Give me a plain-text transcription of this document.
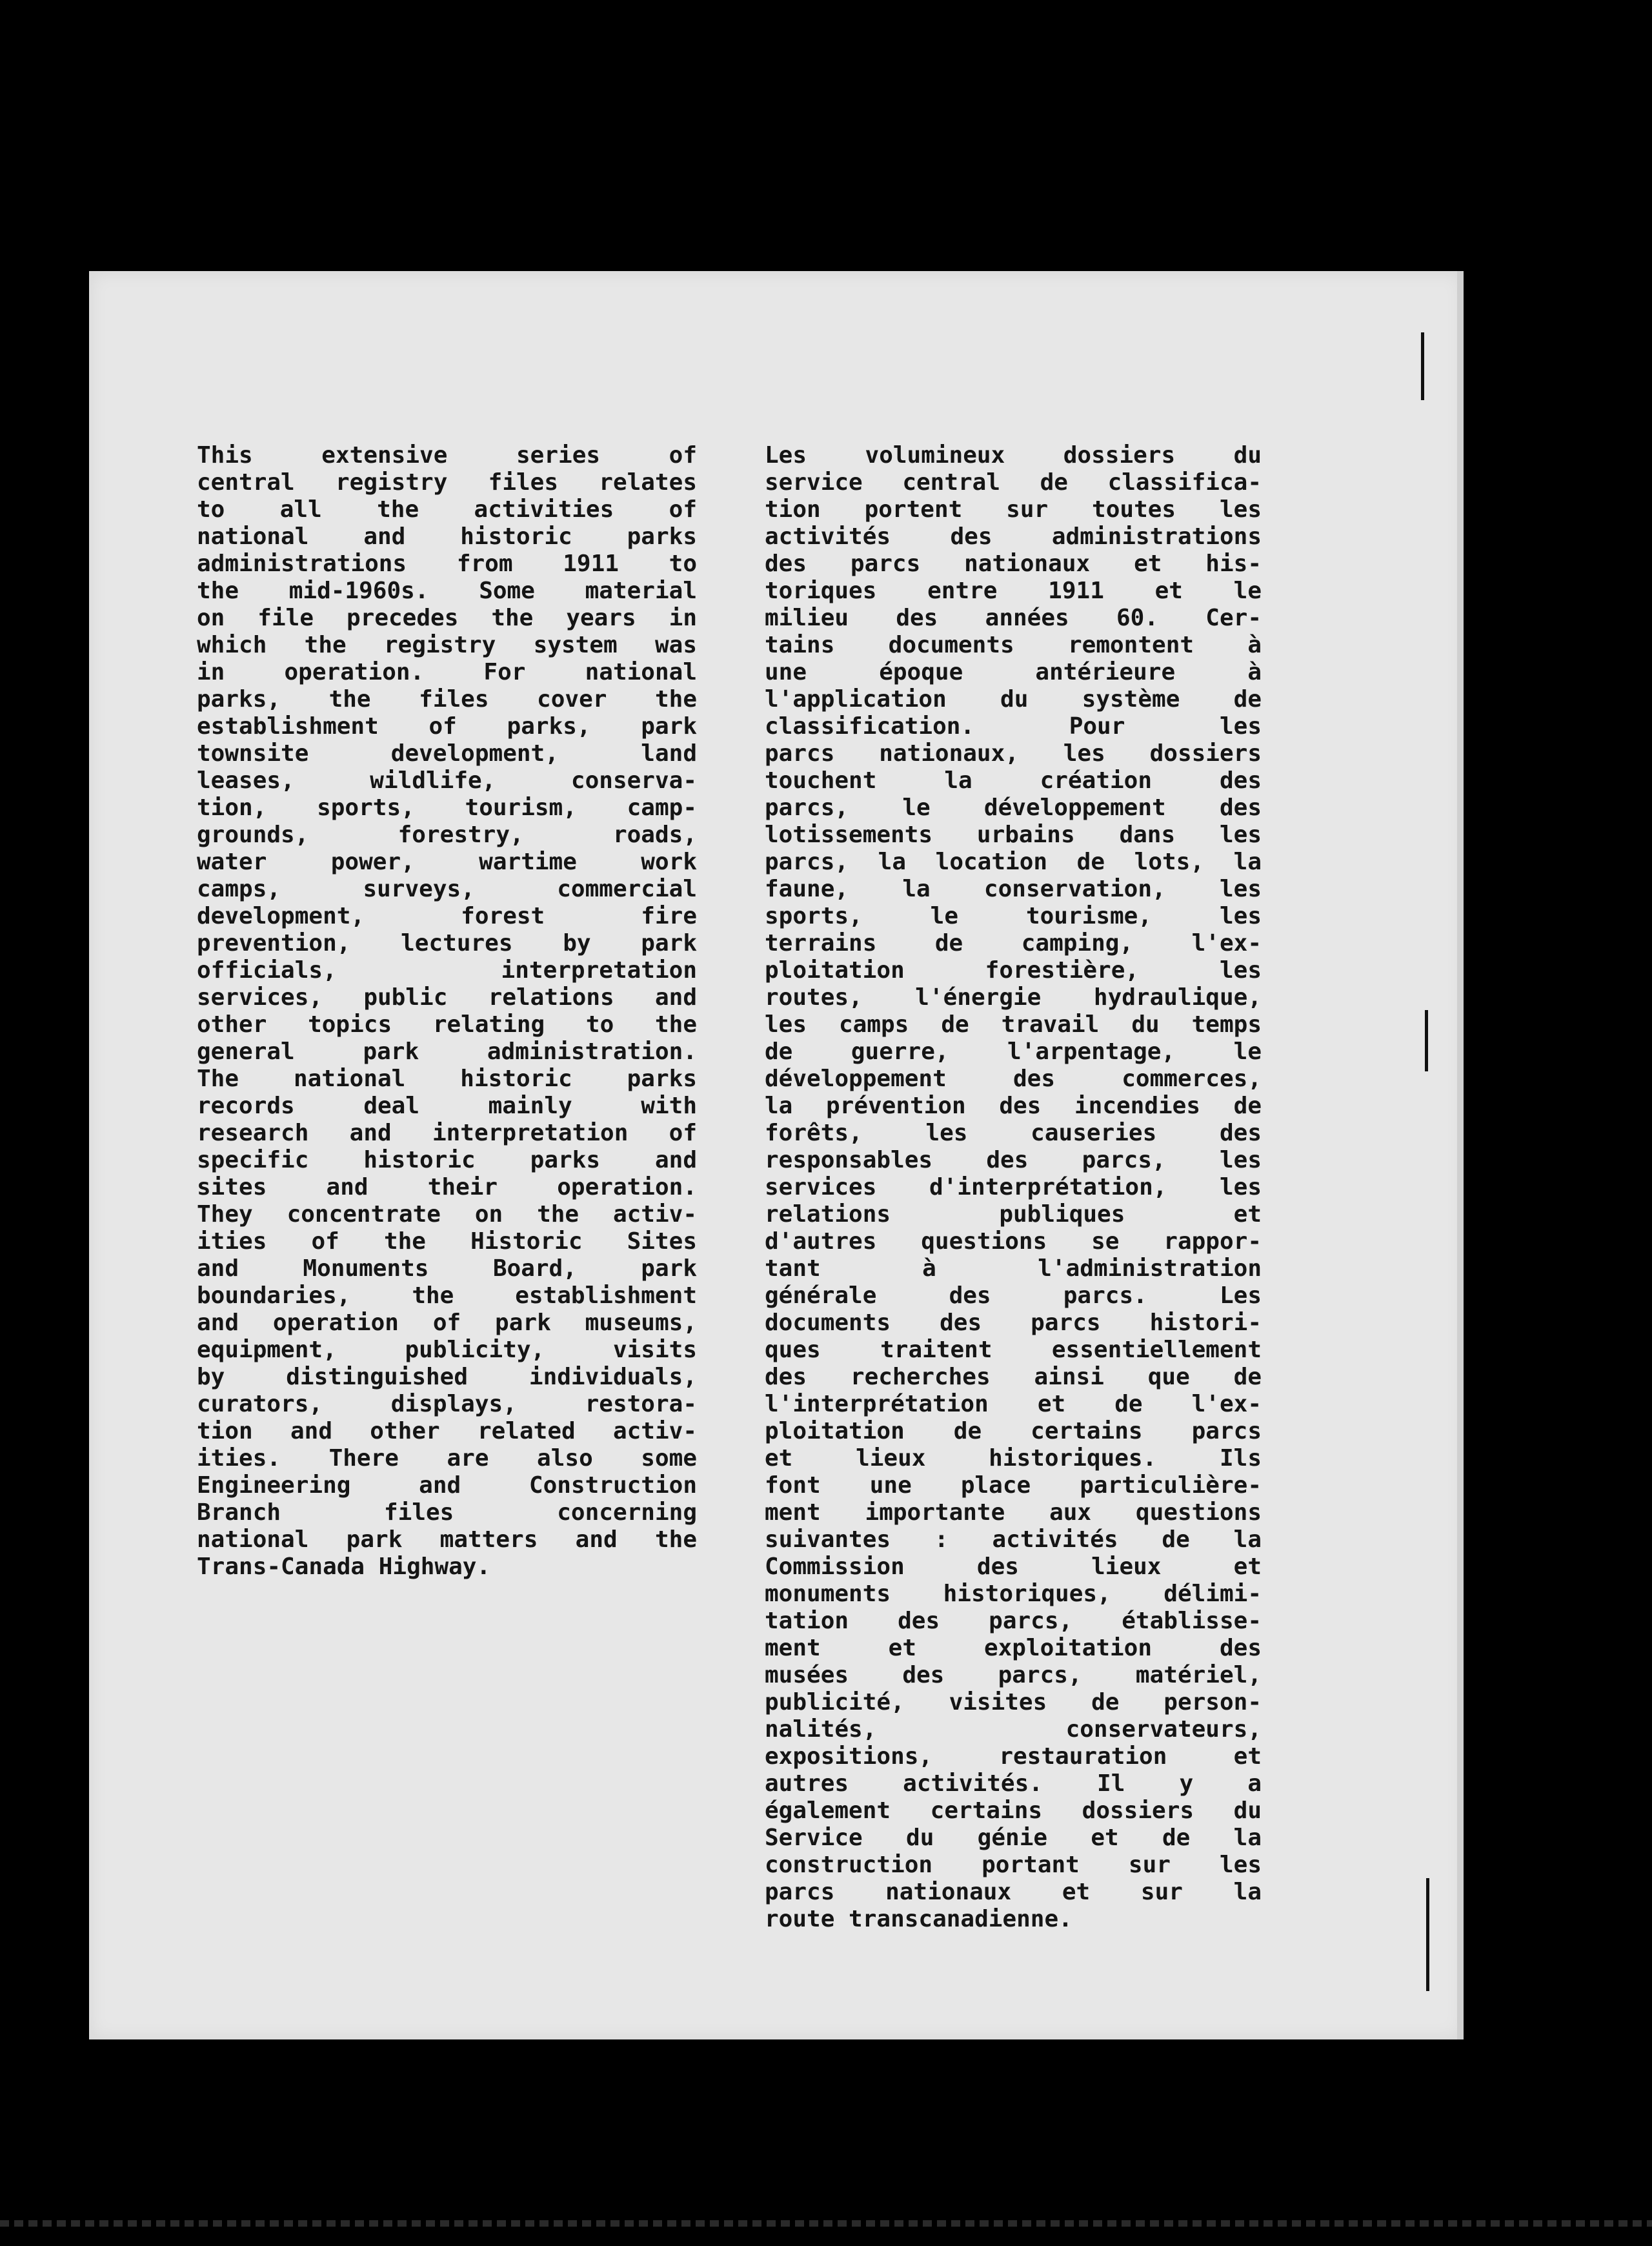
This extensive series of
central registry files relates
to all the activities of
national and historic parks
administrations from 1911 to
the mid-1960s. Some material
on file precedes the years in
which the registry system was
in operation. For national
parks, the files cover the
establishment of parks, park
townsite development, land
leases, wildlife, conserva-
tion, sports, tourism, camp-
grounds, forestry, roads,
water power, wartime work
camps, surveys, commercial
development, forest fire
prevention, lectures by park
officials, interpretation
services, public relations and
other topics relating to the
general park administration.
The national historic parks
records deal mainly with
research and interpretation of
specific historic parks and
sites and their operation.
They concentrate on the activ-
ities of the Historic Sites
and Monuments Board, park
boundaries, the establishment
and operation of park museums,
equipment, publicity, visits
by distinguished individuals,
curators, displays, restora-
tion and other related activ-
ities. There are also some
Engineering and Construction
Branch files concerning
national park matters and the
Trans-Canada Highway.
Les volumineux dossiers du
service central de classifica-
tion portent sur toutes les
activités des administrations
des parcs nationaux et his-
toriques entre 1911 et le
milieu des années 60. Cer-
tains documents remontent à
une époque antérieure à
l'application du système de
classification. Pour les
parcs nationaux, les dossiers
touchent la création des
parcs, le développement des
lotissements urbains dans les
parcs, la location de lots, la
faune, la conservation, les
sports, le tourisme, les
terrains de camping, l'ex-
ploitation forestière, les
routes, l'énergie hydraulique,
les camps de travail du temps
de guerre, l'arpentage, le
développement des commerces,
la prévention des incendies de
forêts, les causeries des
responsables des parcs, les
services d'interprétation, les
relations publiques et
d'autres questions se rappor-
tant à l'administration
générale des parcs. Les
documents des parcs histori-
ques traitent essentiellement
des recherches ainsi que de
l'interprétation et de l'ex-
ploitation de certains parcs
et lieux historiques. Ils
font une place particulière-
ment importante aux questions
suivantes : activités de la
Commission des lieux et
monuments historiques, délimi-
tation des parcs, établisse-
ment et exploitation des
musées des parcs, matériel,
publicité, visites de person-
nalités, conservateurs,
expositions, restauration et
autres activités. Il y a
également certains dossiers du
Service du génie et de la
construction portant sur les
parcs nationaux et sur la
route transcanadienne.
